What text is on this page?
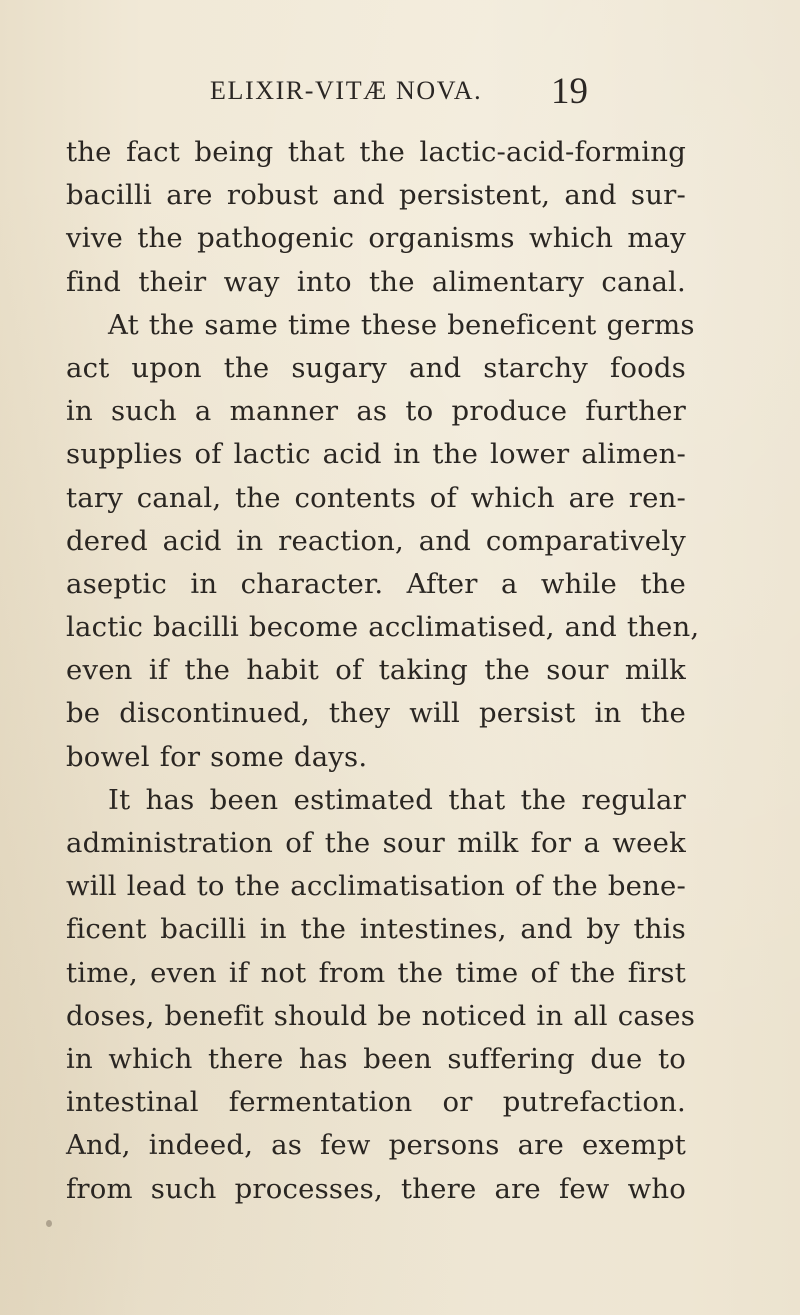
ELIXIR-VITÆ NOVA. 19
the fact being that the lactic-acid-forming
bacilli are robust and persistent, and sur-
vive the pathogenic organisms which may
find their way into the alimentary canal.
At the same time these beneficent germs
act upon the sugary and starchy foods
in such a manner as to produce further
supplies of lactic acid in the lower alimen-
tary canal, the contents of which are ren-
dered acid in reaction, and comparatively
aseptic in character. After a while the
lactic bacilli become acclimatised, and then,
even if the habit of taking the sour milk
be discontinued, they will persist in the
bowel for some days.
It has been estimated that the regular
administration of the sour milk for a week
will lead to the acclimatisation of the bene-
ficent bacilli in the intestines, and by this
time, even if not from the time of the first
doses, benefit should be noticed in all cases
in which there has been suffering due to
intestinal fermentation or putrefaction.
And, indeed, as few persons are exempt
from such processes, there are few who
